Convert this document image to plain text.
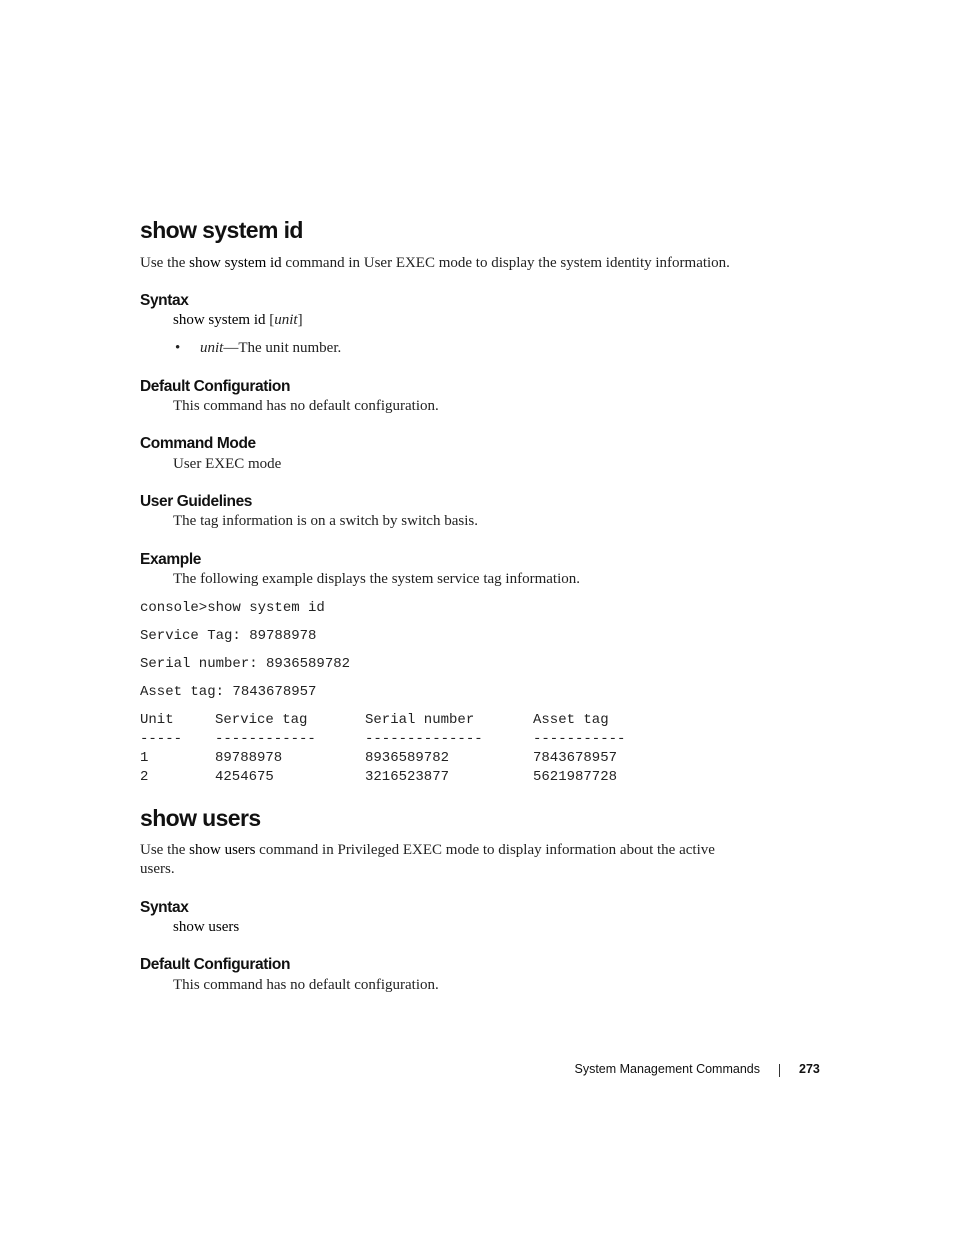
show system id
Use the show system id command in User EXEC mode to display the system identity information.
Syntax
show system id [unit]
• unit—The unit number.
Default Configuration
This command has no default configuration.
Command Mode
User EXEC mode
User Guidelines
The tag information is on a switch by switch basis.
Example
The following example displays the system service tag information.
console>show system id
Service Tag: 89788978
Serial number: 8936589782
Asset tag: 7843678957
Unit	Service tag	Serial number	Asset tag
-----	------------	--------------	-----------
1	89788978	8936589782	7843678957
2	4254675	3216523877	5621987728
show users
Use the show users command in Privileged EXEC mode to display information about the active
users.
Syntax
show users
Default Configuration
This command has no default configuration.
System Management Commands	273
